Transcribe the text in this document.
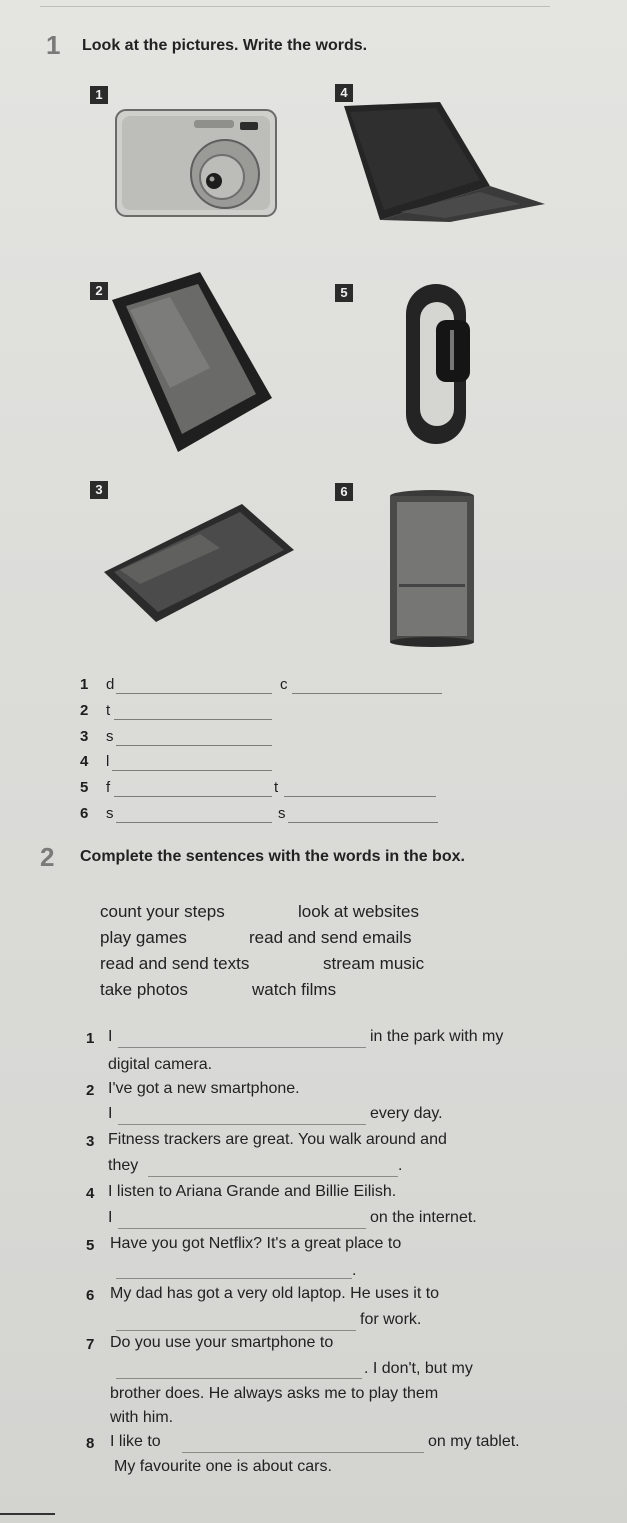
1 Look at the pictures. Write the words.
1	4
2	5
3	6
1 d	c
2 t
3 s
4 l
5 f	t
6 s	s
2 Complete the sentences with the words in the box.
count your steps	look at websites
play games	read and send emails
read and send texts	stream music
take photos	watch films
1 I	in the park with my
digital camera.
2 I've got a new smartphone.
I	every day.
3 Fitness trackers are great. You walk around and
they	.
4 I listen to Ariana Grande and Billie Eilish.
I	on the internet.
5 Have you got Netflix? It's a great place to
.
6 My dad has got a very old laptop. He uses it to
for work.
7 Do you use your smartphone to
. I don't, but my
brother does. He always asks me to play them
with him.
8 I like to	on my tablet.
My favourite one is about cars.
